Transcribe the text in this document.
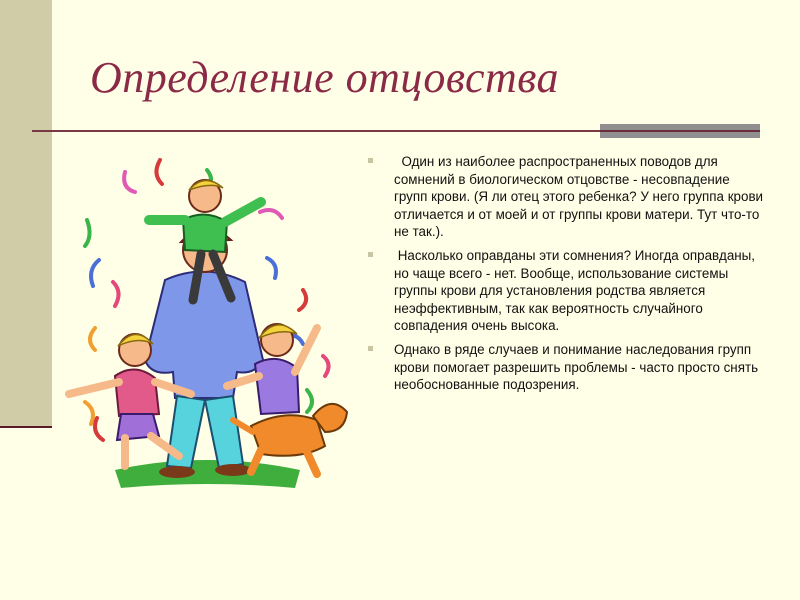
Определение отцовства
Один из наиболее распространенных поводов для сомнений в биологическом отцовстве - несовпадение групп крови. (Я ли отец этого ребенка? У него группа крови отличается и от моей и от группы крови матери. Тут что-то не так.).
Насколько оправданы эти сомнения? Иногда оправданы, но чаще всего - нет. Вообще, использование системы группы крови для установления родства является неэффективным, так как вероятность случайного совпадения очень высока.
Однако в ряде случаев и понимание наследования групп крови помогает разрешить проблемы - часто просто снять необоснованные подозрения.
